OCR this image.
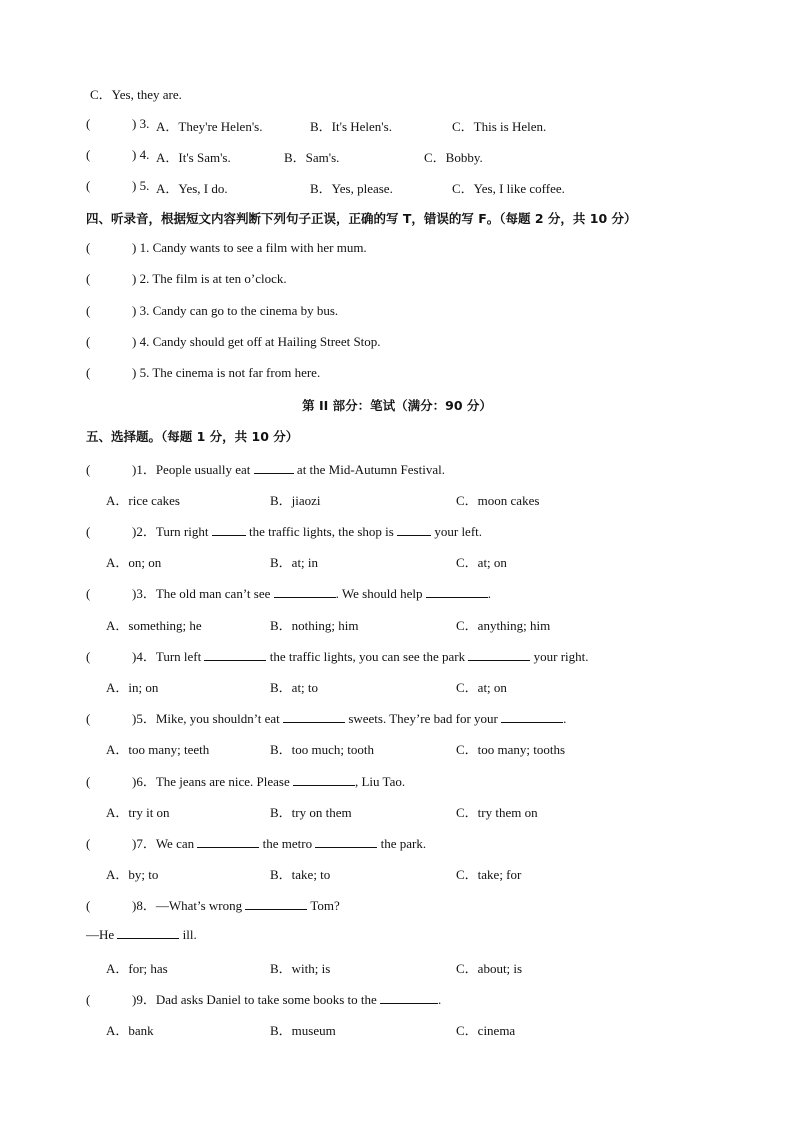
C．Yes, they are.
(	) 3. A．They're Helen's.	B．It's Helen's.	C．This is Helen.
(	) 4. A．It's Sam's.	B．Sam's.	C．Bobby.
(	) 5. A．Yes, I do.	B．Yes, please.	C．Yes, I like coffee.
四、听录音，根据短文内容判断下列句子正误，正确的写 T，错误的写 F。（每题 2 分，共 10 分）
(	) 1. Candy wants to see a film with her mum.
(	) 2. The film is at ten o’clock.
(	) 3. Candy can go to the cinema by bus.
(	) 4. Candy should get off at Hailing Street Stop.
(	) 5. The cinema is not far from here.
第 II 部分：笔试（满分：90 分）
五、选择题。（每题 1 分，共 10 分）
(	)1．People usually eat	at the Mid-Autumn Festival.
A．rice cakes	B．jiaozi	C．moon cakes
(	)2．Turn right	the traffic lights, the shop is	your left.
A．on; on	B．at; in	C．at; on
(	)3．The old man can’t see	. We should help	.
A．something; he	B．nothing; him	C．anything; him
(	)4．Turn left	the traffic lights, you can see the park	your right.
A．in; on	B．at; to	C．at; on
(	)5．Mike, you shouldn’t eat	sweets. They’re bad for your	.
A．too many; teeth	B．too much; tooth	C．too many; tooths
(	)6．The jeans are nice. Please	, Liu Tao.
A．try it on	B．try on them	C．try them on
(	)7．We can	the metro	the park.
A．by; to	B．take; to	C．take; for
(	)8．—What’s wrong	Tom?
—He	ill.
A．for; has	B．with; is	C．about; is
(	)9．Dad asks Daniel to take some books to the	.
A．bank	B．museum	C．cinema
